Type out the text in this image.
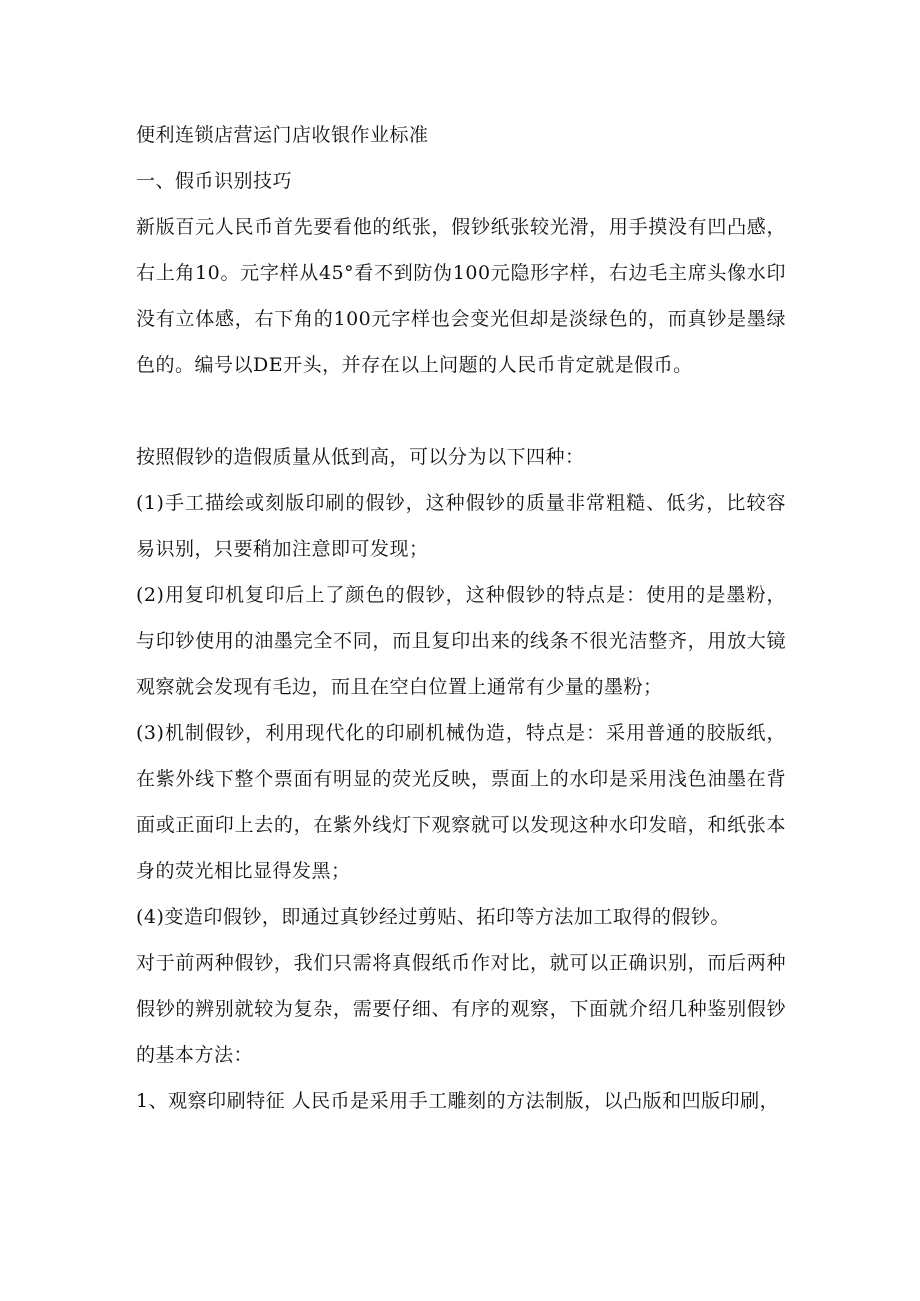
便利连锁店营运门店收银作业标准

一、假币识别技巧

新版百元人民币首先要看他的纸张，假钞纸张较光滑，用手摸没有凹凸感，右上角10。元字样从45°看不到防伪100元隐形字样，右边毛主席头像水印没有立体感，右下角的100元字样也会变光但却是淡绿色的，而真钞是墨绿色的。编号以DE开头，并存在以上问题的人民币肯定就是假币。

按照假钞的造假质量从低到高，可以分为以下四种：

(1)手工描绘或刻版印刷的假钞，这种假钞的质量非常粗糙、低劣，比较容易识别，只要稍加注意即可发现；

(2)用复印机复印后上了颜色的假钞，这种假钞的特点是：使用的是墨粉，与印钞使用的油墨完全不同，而且复印出来的线条不很光洁整齐，用放大镜观察就会发现有毛边，而且在空白位置上通常有少量的墨粉；

(3)机制假钞，利用现代化的印刷机械伪造，特点是：采用普通的胶版纸，在紫外线下整个票面有明显的荧光反映，票面上的水印是采用浅色油墨在背面或正面印上去的，在紫外线灯下观察就可以发现这种水印发暗，和纸张本身的荧光相比显得发黑；

(4)变造印假钞，即通过真钞经过剪贴、拓印等方法加工取得的假钞。

对于前两种假钞，我们只需将真假纸币作对比，就可以正确识别，而后两种假钞的辨别就较为复杂，需要仔细、有序的观察，下面就介绍几种鉴别假钞的基本方法：

1、观察印刷特征 人民币是采用手工雕刻的方法制版，以凸版和凹版印刷，
